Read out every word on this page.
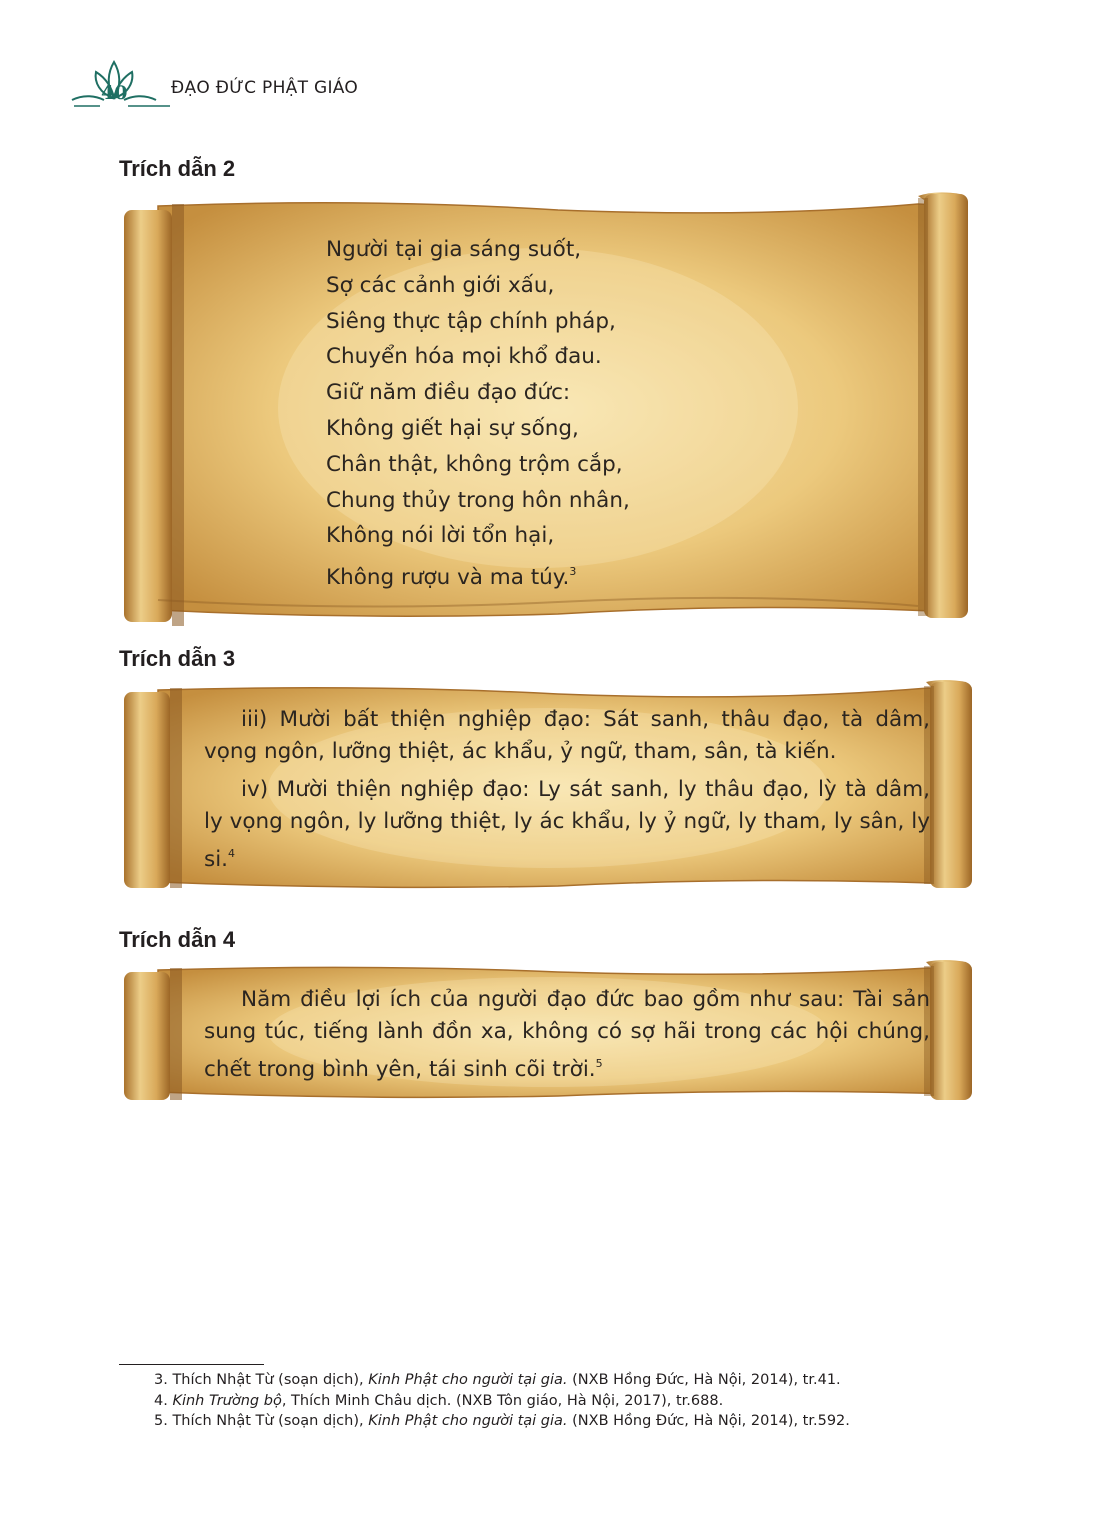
40	ĐẠO ĐỨC PHẬT GIÁO
Trích dẫn 2
Người tại gia sáng suốt,
Sợ các cảnh giới xấu,
Siêng thực tập chính pháp,
Chuyển hóa mọi khổ đau.
Giữ năm điều đạo đức:
Không giết hại sự sống,
Chân thật, không trộm cắp,
Chung thủy trong hôn nhân,
Không nói lời tổn hại,
Không rượu và ma túy.$^3$
Trích dẫn 3

iii) Mười bất thiện nghiệp đạo: Sát sanh, thâu đạo, tà dâm, vọng ngôn, lưỡng thiệt, ác khẩu, ỷ ngữ, tham, sân, tà kiến.

iv) Mười thiện nghiệp đạo: Ly sát sanh, ly thâu đạo, lỳ tà dâm, ly vọng ngôn, ly lưỡng thiệt, ly ác khẩu, ly ỷ ngữ, ly tham, ly sân, ly si.$^4$

Trích dẫn 4

Năm điều lợi ích của người đạo đức bao gồm như sau: Tài sản sung túc, tiếng lành đồn xa, không có sợ hãi trong các hội chúng, chết trong bình yên, tái sinh cõi trời.$^5$

3. Thích Nhật Từ (soạn dịch), Kinh Phật cho người tại gia. (NXB Hồng Đức, Hà Nội, 2014), tr.41.
4. Kinh Trường bộ, Thích Minh Châu dịch. (NXB Tôn giáo, Hà Nội, 2017), tr.688.
5. Thích Nhật Từ (soạn dịch), Kinh Phật cho người tại gia. (NXB Hồng Đức, Hà Nội, 2014), tr.592.
